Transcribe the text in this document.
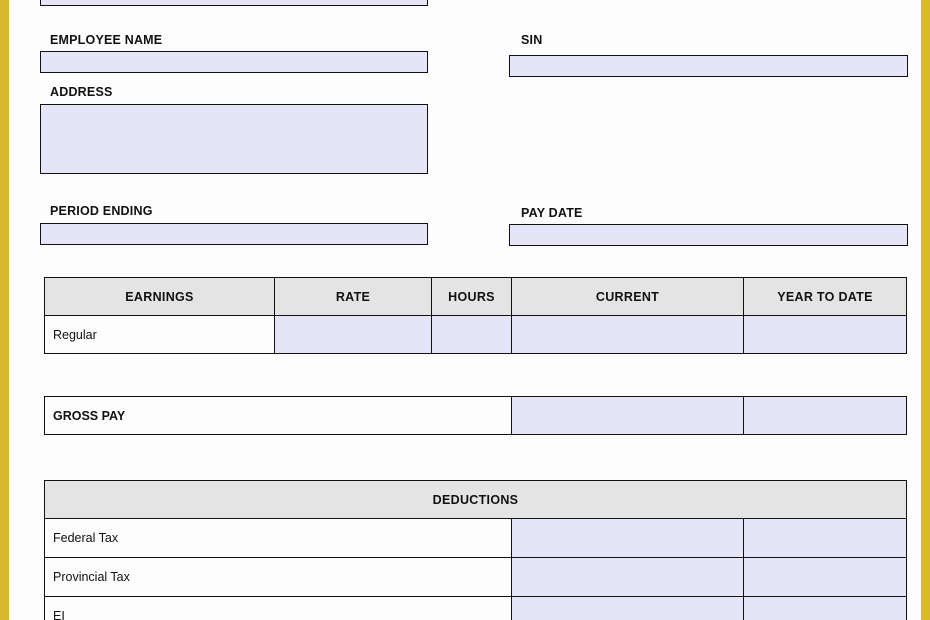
EMPLOYEE NAME	SIN
ADDRESS
PERIOD ENDING	PAY DATE
EARNINGS	RATE	HOURS	CURRENT	YEAR TO DATE
Regular				
GROSS PAY		
DEDUCTIONS		
Federal Tax		
Provincial Tax		
EI		
